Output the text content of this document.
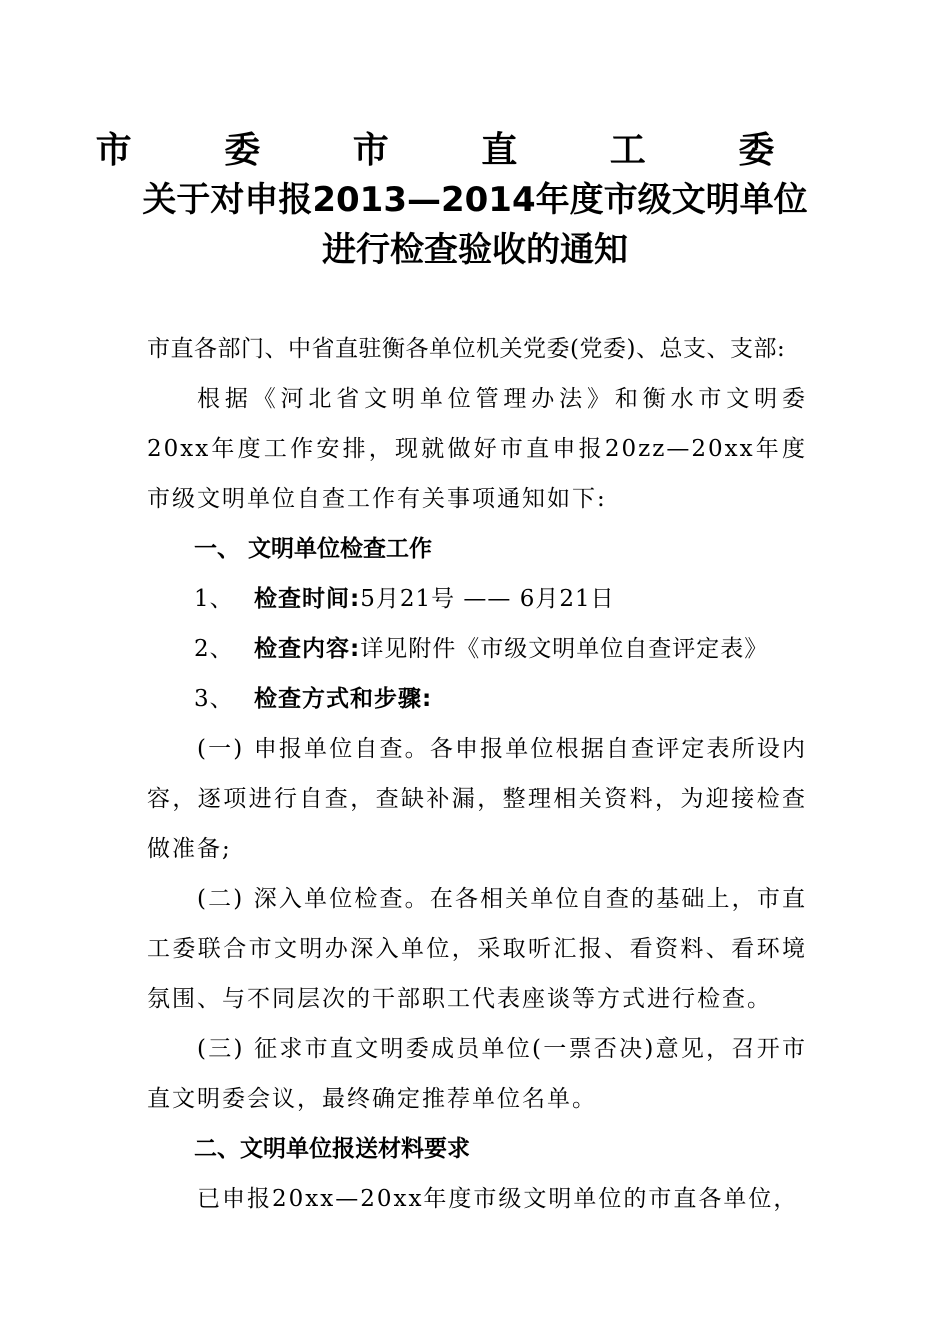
市 委 市 直 工 委
关于对申报2013—2014年度市级文明单位
进行检查验收的通知
市直各部门、中省直驻衡各单位机关党委(党委)、总支、支部:
根据《河北省文明单位管理办法》和衡水市文明委20xx年度工作安排，现就做好市直申报20zz—20xx年度市级文明单位自查工作有关事项通知如下:
一、 文明单位检查工作
1、 检查时间:5月21号 —— 6月21日
2、 检查内容:详见附件《市级文明单位自查评定表》
3、 检查方式和步骤:
(一) 申报单位自查。各申报单位根据自查评定表所设内容，逐项进行自查，查缺补漏，整理相关资料，为迎接检查做准备;
(二) 深入单位检查。在各相关单位自查的基础上，市直工委联合市文明办深入单位，采取听汇报、看资料、看环境氛围、与不同层次的干部职工代表座谈等方式进行检查。
(三) 征求市直文明委成员单位(一票否决)意见，召开市直文明委会议，最终确定推荐单位名单。
二、文明单位报送材料要求
已申报20xx—20xx年度市级文明单位的市直各单位，
